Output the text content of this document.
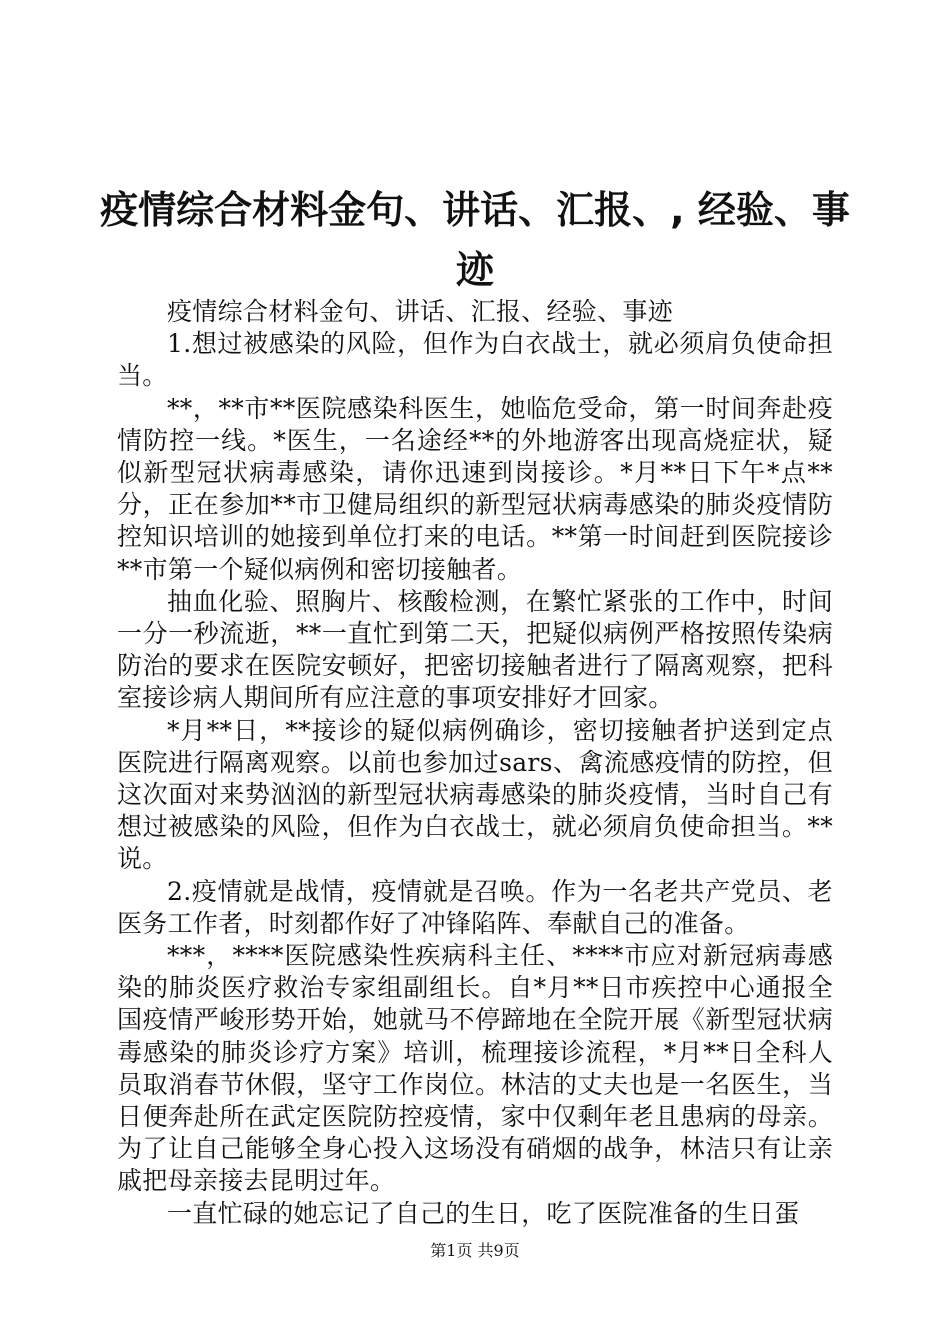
疫情综合材料金句、讲话、汇报、, 经验、事迹

疫情综合材料金句、讲话、汇报、经验、事迹

1.想过被感染的风险，但作为白衣战士，就必须肩负使命担当。

**，**市**医院感染科医生，她临危受命，第一时间奔赴疫情防控一线。*医生，一名途经**的外地游客出现高烧症状，疑似新型冠状病毒感染，请你迅速到岗接诊。*月**日下午*点**分，正在参加**市卫健局组织的新型冠状病毒感染的肺炎疫情防控知识培训的她接到单位打来的电话。**第一时间赶到医院接诊**市第一个疑似病例和密切接触者。

抽血化验、照胸片、核酸检测，在繁忙紧张的工作中，时间一分一秒流逝，**一直忙到第二天，把疑似病例严格按照传染病防治的要求在医院安顿好，把密切接触者进行了隔离观察，把科室接诊病人期间所有应注意的事项安排好才回家。

*月**日，**接诊的疑似病例确诊，密切接触者护送到定点医院进行隔离观察。以前也参加过sars、禽流感疫情的防控，但这次面对来势汹汹的新型冠状病毒感染的肺炎疫情，当时自己有想过被感染的风险，但作为白衣战士，就必须肩负使命担当。**说。

2.疫情就是战情，疫情就是召唤。作为一名老共产党员、老医务工作者，时刻都作好了冲锋陷阵、奉献自己的准备。

***，****医院感染性疾病科主任、****市应对新冠病毒感染的肺炎医疗救治专家组副组长。自*月**日市疾控中心通报全国疫情严峻形势开始，她就马不停蹄地在全院开展《新型冠状病毒感染的肺炎诊疗方案》培训，梳理接诊流程，*月**日全科人员取消春节休假，坚守工作岗位。林洁的丈夫也是一名医生，当日便奔赴所在武定医院防控疫情，家中仅剩年老且患病的母亲。为了让自己能够全身心投入这场没有硝烟的战争，林洁只有让亲戚把母亲接去昆明过年。

一直忙碌的她忘记了自己的生日，吃了医院准备的生日蛋

第1页 共9页
